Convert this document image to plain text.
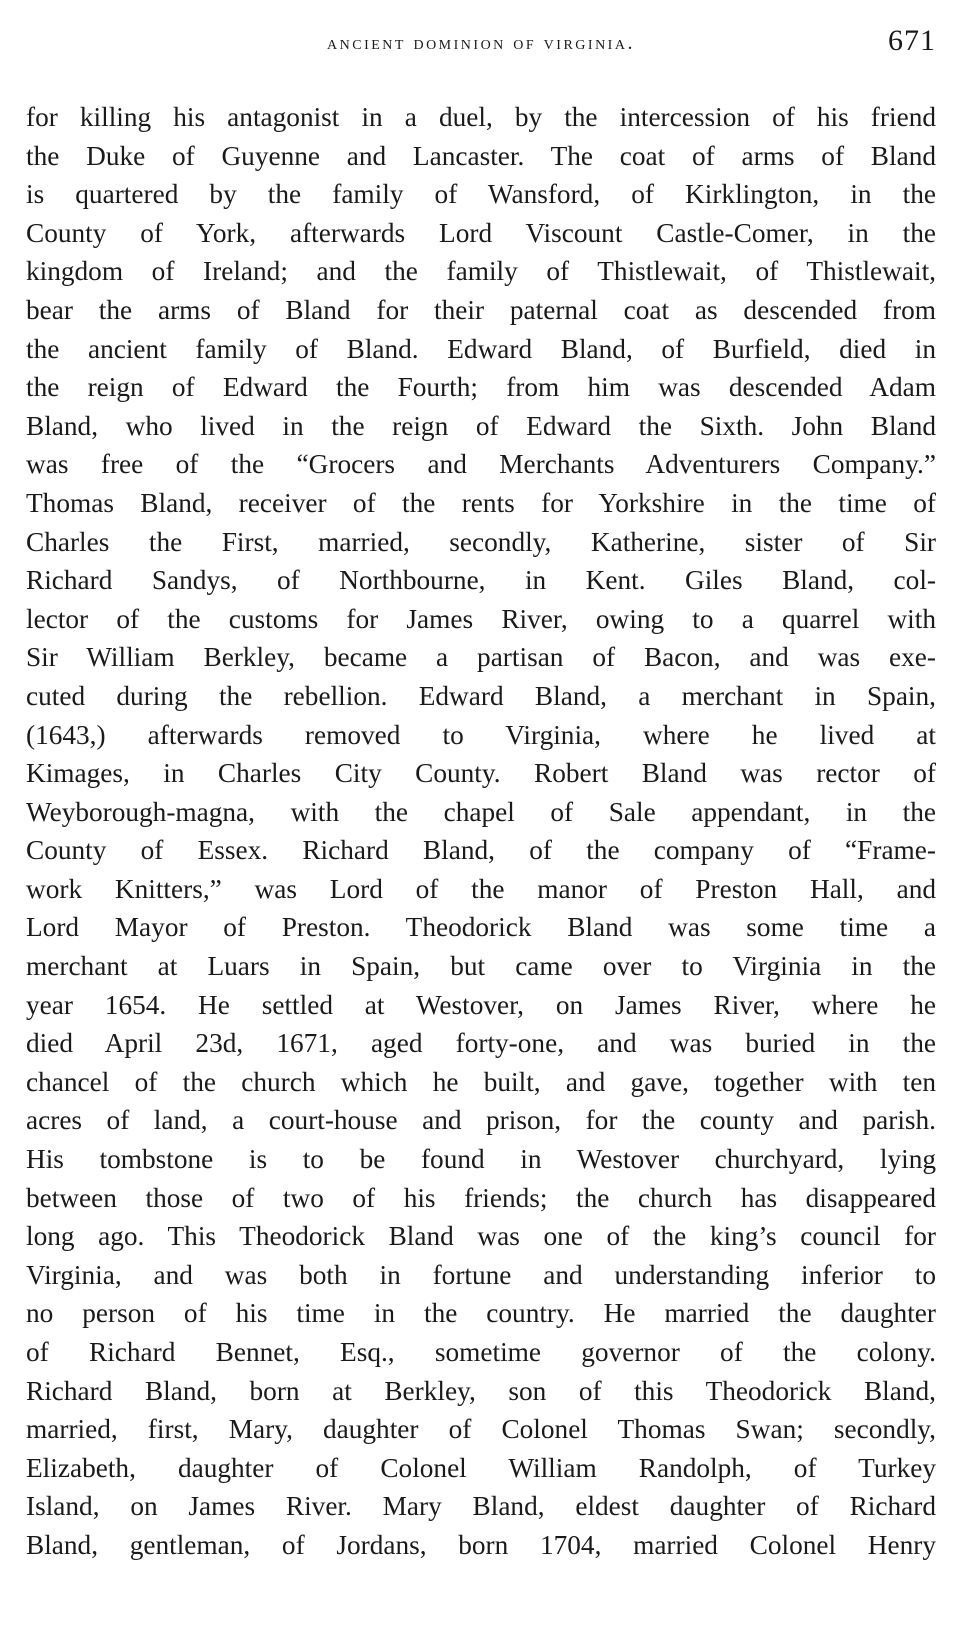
ancient dominion of virginia.	671
for killing his antagonist in a duel, by the intercession of his friend
the Duke of Guyenne and Lancaster. The coat of arms of Bland
is quartered by the family of Wansford, of Kirklington, in the
County of York, afterwards Lord Viscount Castle-Comer, in the
kingdom of Ireland; and the family of Thistlewait, of Thistlewait,
bear the arms of Bland for their paternal coat as descended from
the ancient family of Bland. Edward Bland, of Burfield, died in
the reign of Edward the Fourth; from him was descended Adam
Bland, who lived in the reign of Edward the Sixth. John Bland
was free of the “Grocers and Merchants Adventurers Company.”
Thomas Bland, receiver of the rents for Yorkshire in the time of
Charles the First, married, secondly, Katherine, sister of Sir
Richard Sandys, of Northbourne, in Kent. Giles Bland, col-
lector of the customs for James River, owing to a quarrel with
Sir William Berkley, became a partisan of Bacon, and was exe-
cuted during the rebellion. Edward Bland, a merchant in Spain,
(1643,) afterwards removed to Virginia, where he lived at
Kimages, in Charles City County. Robert Bland was rector of
Weyborough-magna, with the chapel of Sale appendant, in the
County of Essex. Richard Bland, of the company of “Frame-
work Knitters,” was Lord of the manor of Preston Hall, and
Lord Mayor of Preston. Theodorick Bland was some time a
merchant at Luars in Spain, but came over to Virginia in the
year 1654. He settled at Westover, on James River, where he
died April 23d, 1671, aged forty-one, and was buried in the
chancel of the church which he built, and gave, together with ten
acres of land, a court-house and prison, for the county and parish.
His tombstone is to be found in Westover churchyard, lying
between those of two of his friends; the church has disappeared
long ago. This Theodorick Bland was one of the king’s council for
Virginia, and was both in fortune and understanding inferior to
no person of his time in the country. He married the daughter
of Richard Bennet, Esq., sometime governor of the colony.
Richard Bland, born at Berkley, son of this Theodorick Bland,
married, first, Mary, daughter of Colonel Thomas Swan; secondly,
Elizabeth, daughter of Colonel William Randolph, of Turkey
Island, on James River. Mary Bland, eldest daughter of Richard
Bland, gentleman, of Jordans, born 1704, married Colonel Henry
